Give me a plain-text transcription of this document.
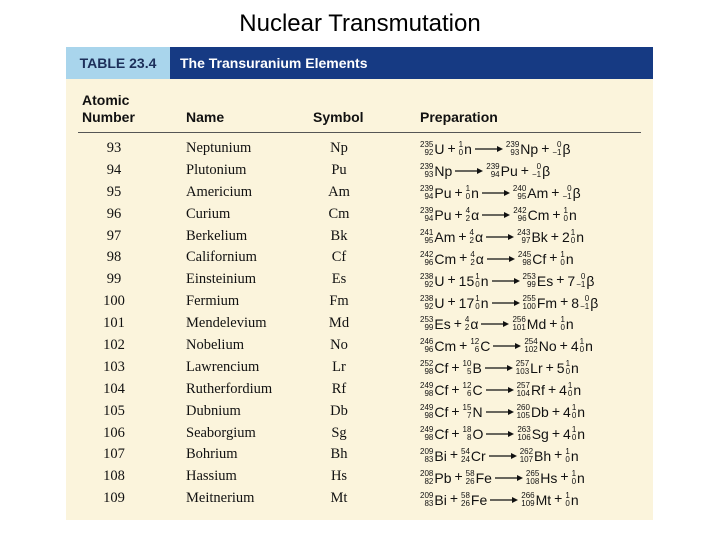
Nuclear Transmutation
TABLE 23.4	The Transuranium Elements
Atomic
Number	Name	Symbol	Preparation
93	Neptunium	Np	235
92 U + 1
0 n → 239
93 Np + 0
−1 β
94	Plutonium	Pu	239
93 Np → 239
94 Pu + 0
−1 β
95	Americium	Am	239
94 Pu + 1
0 n → 240
95 Am + 0
−1 β
96	Curium	Cm	239
94 Pu + 4
2 α → 242
96 Cm + 1
0 n
97	Berkelium	Bk	241
95 Am + 4
2 α → 243
97 Bk + 2 1
0 n
98	Californium	Cf	242
96 Cm + 4
2 α → 245
98 Cf + 1
0 n
99	Einsteinium	Es	238
92 U + 15 1
0 n → 253
99 Es + 7 0
−1 β
100	Fermium	Fm	238
92 U + 17 1
0 n → 255
100 Fm + 8 0
−1 β
101	Mendelevium	Md	253
99 Es + 4
2 α → 256
101 Md + 1
0 n
102	Nobelium	No	246
96 Cm + 12
6 C → 254
102 No + 4 1
0 n
103	Lawrencium	Lr	252
98 Cf + 10
5 B → 257
103 Lr + 5 1
0 n
104	Rutherfordium	Rf	249
98 Cf + 12
6 C → 257
104 Rf + 4 1
0 n
105	Dubnium	Db	249
98 Cf + 15
7 N → 260
105 Db + 4 1
0 n
106	Seaborgium	Sg	249
98 Cf + 18
8 O → 263
106 Sg + 4 1
0 n
107	Bohrium	Bh	209
83 Bi + 54
24 Cr → 262
107 Bh + 1
0 n
108	Hassium	Hs	208
82 Pb + 58
26 Fe → 265
108 Hs + 1
0 n
109	Meitnerium	Mt	209
83 Bi + 58
26 Fe → 266
109 Mt + 1
0 n
